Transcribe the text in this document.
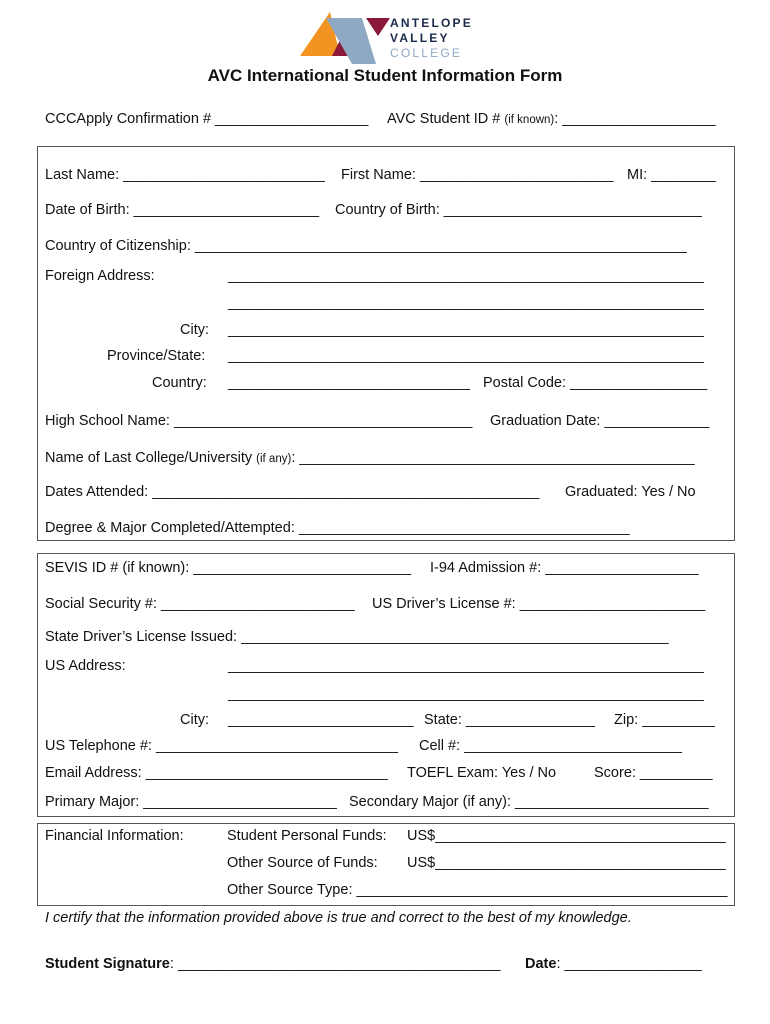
ANTELOPE
VALLEY
COLLEGE
AVC International Student Information Form
CCCApply Confirmation # ___________________ AVC Student ID # (if known): ___________________
Last Name: _________________________ First Name: ________________________ MI: ________
Date of Birth: _______________________ Country of Birth: ________________________________
Country of Citizenship: _____________________________________________________________
Foreign Address:	___________________________________________________________
___________________________________________________________
City: ___________________________________________________________
Province/State: ___________________________________________________________
Country: ______________________________ Postal Code: _________________
High School Name: _____________________________________ Graduation Date: _____________
Name of Last College/University (if any): _________________________________________________
Dates Attended: ________________________________________________ Graduated: Yes / No
Degree & Major Completed/Attempted: _________________________________________
SEVIS ID # (if known): ___________________________ I-94 Admission #: ___________________
Social Security #: ________________________ US Driver’s License #: _______________________
State Driver’s License Issued: _____________________________________________________
US Address:	___________________________________________________________
___________________________________________________________
City: _______________________ State: ________________ Zip: _________
US Telephone #: ______________________________ Cell #: ___________________________
Email Address: ______________________________ TOEFL Exam: Yes / No	Score: _________
Primary Major: ________________________ Secondary Major (if any): ________________________
Financial Information:	Student Personal Funds: US$____________________________________
Other Source of Funds: US$____________________________________
Other Source Type: ______________________________________________
I certify that the information provided above is true and correct to the best of my knowledge.
Student Signature: ________________________________________ Date: _________________
